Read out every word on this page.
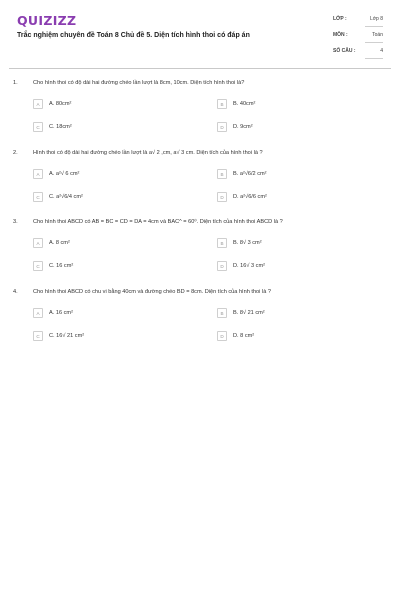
QUIZIZZ
Trắc nghiệm chuyên đề Toán 8 Chủ đề 5. Diện tích hình thoi có đáp án
LỚP :	Lớp 8
MÔN :	Toán
SỐ CÂU :	4
1.	Cho hình thoi có độ dài hai đường chéo lần lượt là 8cm, 10cm. Diện tích hình thoi là?
A	A. 80cm²	B	B. 40cm²
C	C. 18cm²	D	D. 9cm²
2.	Hình thoi có độ dài hai đường chéo lần lượt là a√ 2 ,cm, a√ 3 cm. Diện tích của hình thoi là ?
A	A. a²√ 6 cm²	B	B. a²√6/2 cm²
C	C. a²√6/4 cm²	D	D. a²√6/6 cm²
3.	Cho hình thoi ABCD có AB = BC = CD = DA = 4cm và BAC^ = 60⁰. Diện tích của hình thoi ABCD là ?
A	A. 8 cm²	B	B. 8√ 3 cm²
C	C. 16 cm²	D	D. 16√ 3 cm²
4.	Cho hình thoi ABCD có chu vi bằng 40cm và đường chéo BD = 8cm. Diện tích của hình thoi là ?
A	A. 16 cm²	B	B. 8√ 21 cm²
C	C. 16√ 21 cm²	D	D. 8 cm²
